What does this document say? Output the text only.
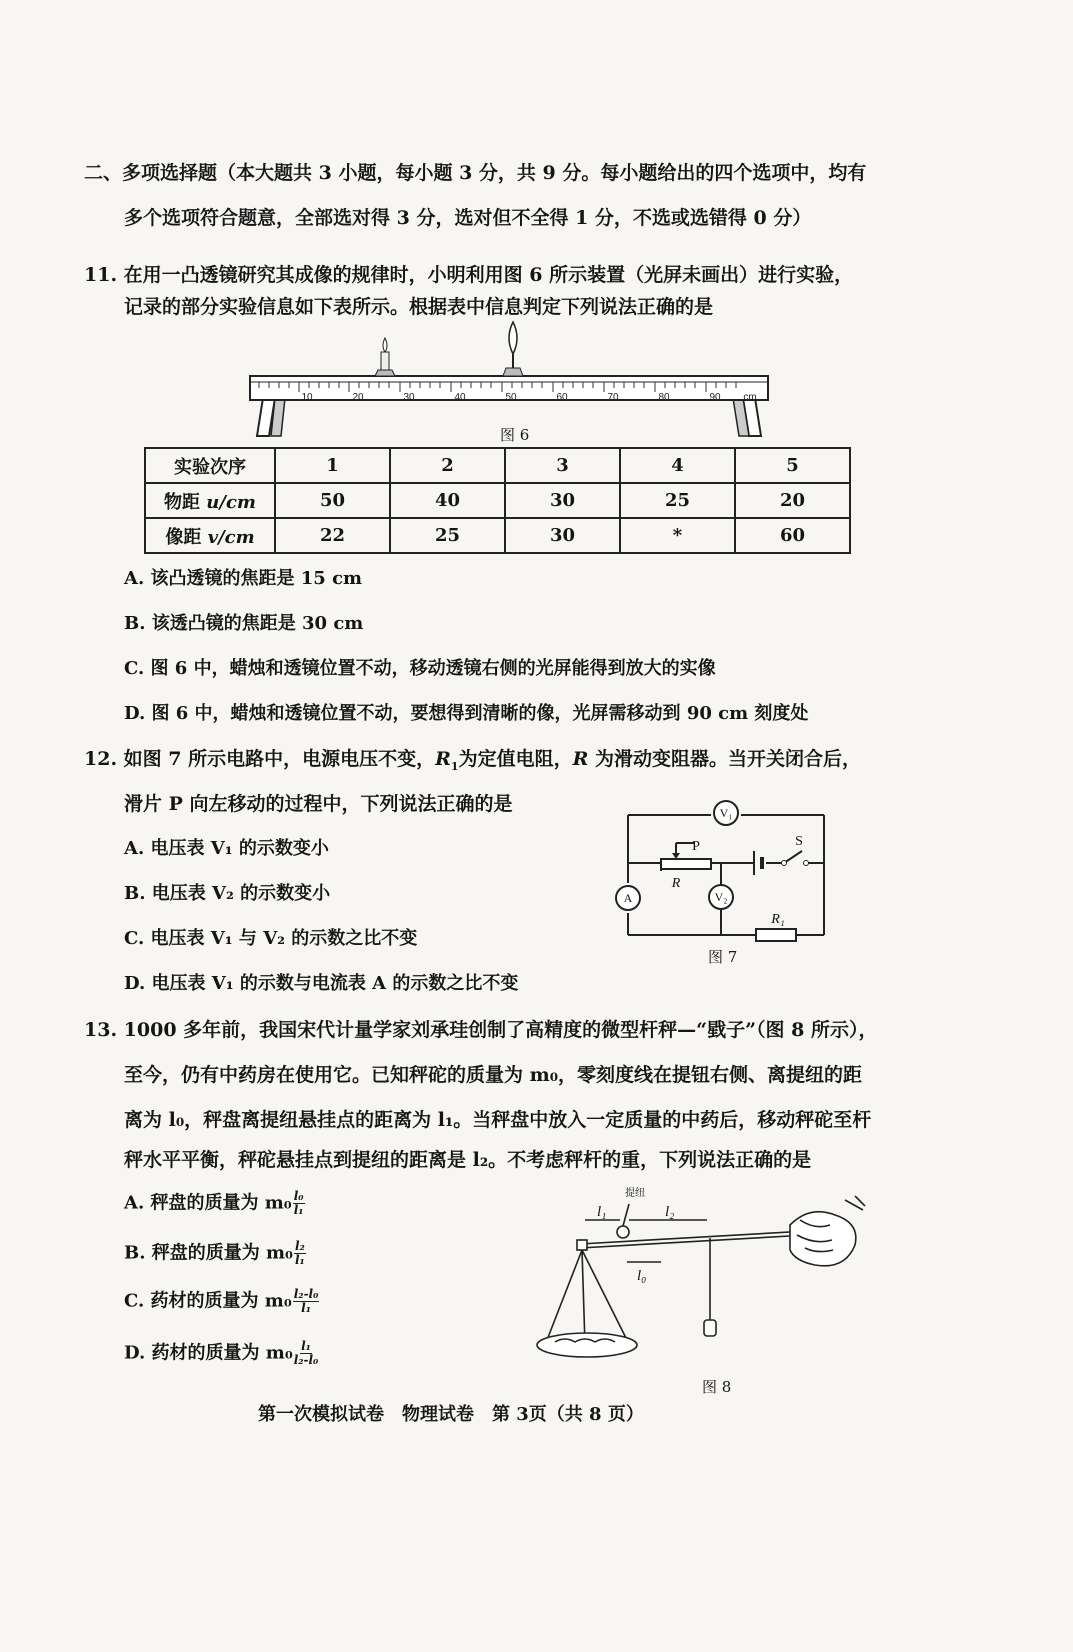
二、多项选择题（本大题共 3 小题，每小题 3 分，共 9 分。每小题给出的四个选项中，均有
多个选项符合题意，全部选对得 3 分，选对但不全得 1 分，不选或选错得 0 分）
11. 在用一凸透镜研究其成像的规律时，小明利用图 6 所示装置（光屏未画出）进行实验，
记录的部分实验信息如下表所示。根据表中信息判定下列说法正确的是
10	20	30	40	50	60	70	80	90 cm
图 6
实验次序	1	2	3	4	5
物距 u/cm	50	40	30	25	20
像距 v/cm	22	25	30	*	60
A. 该凸透镜的焦距是 15 cm
B. 该透凸镜的焦距是 30 cm
C. 图 6 中，蜡烛和透镜位置不动，移动透镜右侧的光屏能得到放大的实像
D. 图 6 中，蜡烛和透镜位置不动，要想得到清晰的像，光屏需移动到 90 cm 刻度处
12. 如图 7 所示电路中，电源电压不变，$R_1$为定值电阻，R 为滑动变阻器。当开关闭合后，
滑片 P 向左移动的过程中，下列说法正确的是
A. 电压表 V₁ 的示数变小
B. 电压表 V₂ 的示数变小
C. 电压表 V₁ 与 V₂ 的示数之比不变
D. 电压表 V₁ 的示数与电流表 A 的示数之比不变
V₁
A	V₂
P
R
S
R₁
图 7
13. 1000 多年前，我国宋代计量学家刘承珪创制了高精度的微型杆秤—“戥子”（图 8 所示），
至今，仍有中药房在使用它。已知秤砣的质量为 m₀，零刻度线在提钮右侧、离提纽的距
离为 l₀，秤盘离提纽悬挂点的距离为 l₁。当秤盘中放入一定质量的中药后，移动秤砣至杆
秤水平平衡，秤砣悬挂点到提纽的距离是 l₂。不考虑秤杆的重，下列说法正确的是
A. 秤盘的质量为 $m_0 \frac{\text{l₀}}{\text{l₁}}$
B. 秤盘的质量为 $m_0 \frac{\text{l₂}}{\text{l₁}}$
C. 药材的质量为 $m_0 \frac{\text{l₂-l₀}}{\text{l₁}}$
D. 药材的质量为 $m_0 \frac{\text{l₁}}{\text{l₂-l₀}}$
l₁	l₂
l₀
提纽
图 8
第一次模拟试卷　物理试卷　第 3页（共 8 页）
